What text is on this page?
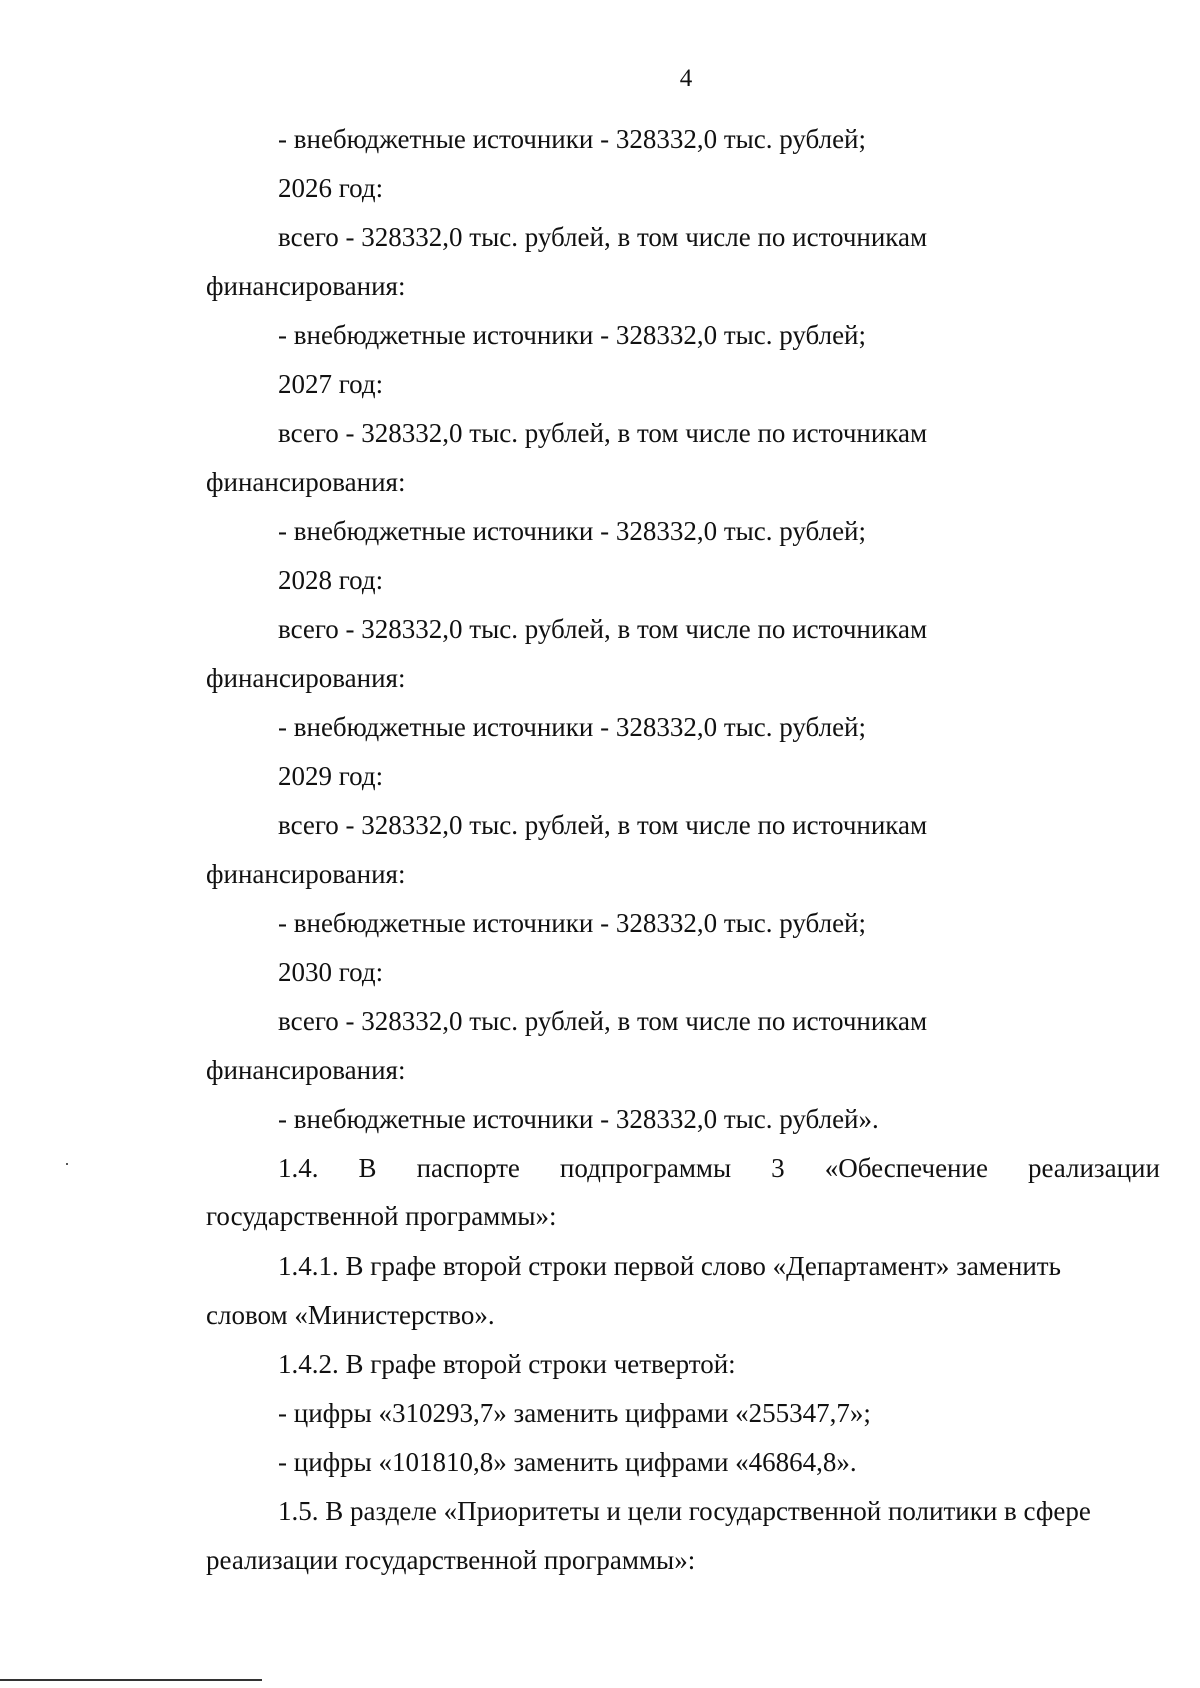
4
- внебюджетные источники - 328332,0 тыс. рублей;
2026 год:
всего - 328332,0 тыс. рублей, в том числе по источникам
финансирования:
- внебюджетные источники - 328332,0 тыс. рублей;
2027 год:
всего - 328332,0 тыс. рублей, в том числе по источникам
финансирования:
- внебюджетные источники - 328332,0 тыс. рублей;
2028 год:
всего - 328332,0 тыс. рублей, в том числе по источникам
финансирования:
- внебюджетные источники - 328332,0 тыс. рублей;
2029 год:
всего - 328332,0 тыс. рублей, в том числе по источникам
финансирования:
- внебюджетные источники - 328332,0 тыс. рублей;
2030 год:
всего - 328332,0 тыс. рублей, в том числе по источникам
финансирования:
- внебюджетные источники - 328332,0 тыс. рублей».
1.4. В паспорте подпрограммы 3 «Обеспечение реализации
государственной программы»:
1.4.1. В графе второй строки первой слово «Департамент» заменить
словом «Министерство».
1.4.2. В графе второй строки четвертой:
- цифры «310293,7» заменить цифрами «255347,7»;
- цифры «101810,8» заменить цифрами «46864,8».
1.5. В разделе «Приоритеты и цели государственной политики в сфере
реализации государственной программы»:
